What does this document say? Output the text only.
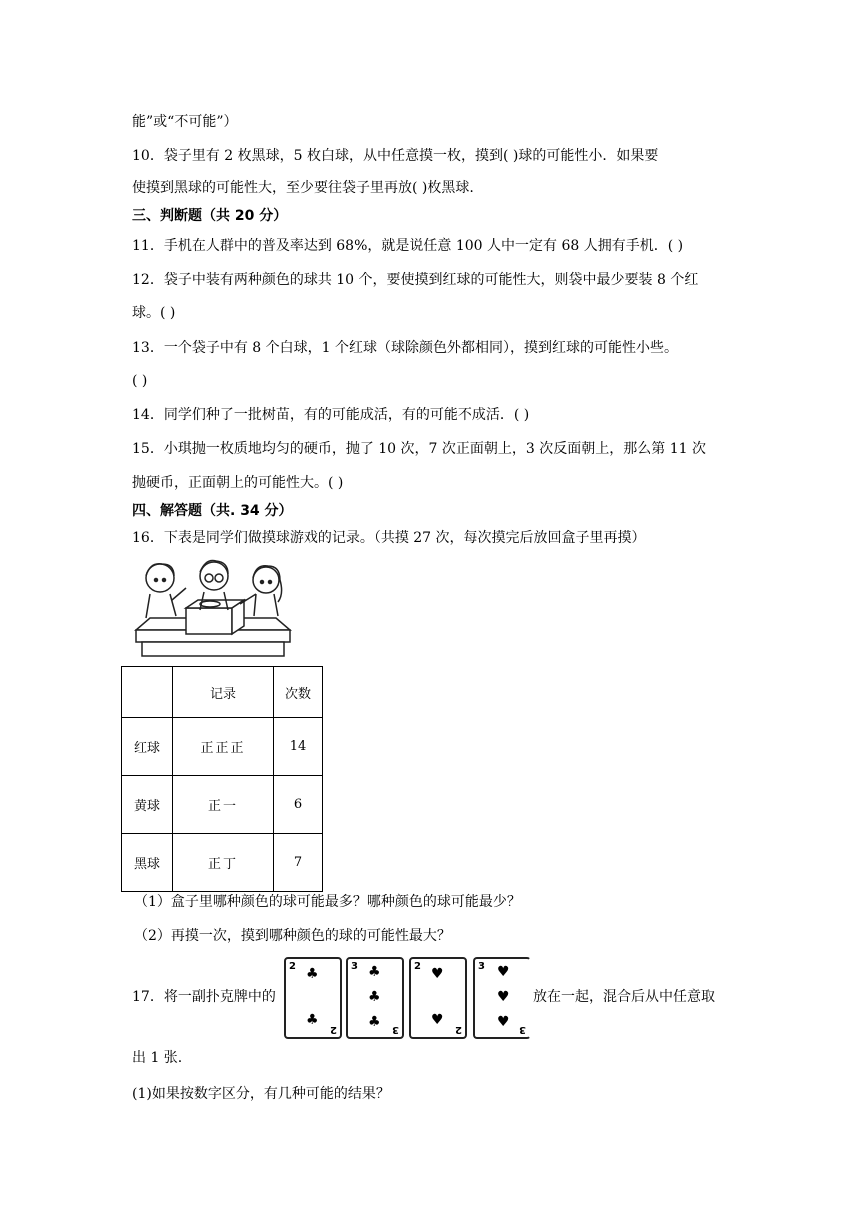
能”或“不可能”）
10．袋子里有 2 枚黑球，5 枚白球，从中任意摸一枚，摸到( )球的可能性小．如果要
使摸到黑球的可能性大，至少要往袋子里再放( )枚黑球.
三、判断题（共 20 分）
11．手机在人群中的普及率达到 68%，就是说任意 100 人中一定有 68 人拥有手机．( )
12．袋子中装有两种颜色的球共 10 个，要使摸到红球的可能性大，则袋中最少要装 8 个红
球。( )
13．一个袋子中有 8 个白球，1 个红球（球除颜色外都相同），摸到红球的可能性小些。
( )
14．同学们种了一批树苗，有的可能成活，有的可能不成活．( )
15．小琪抛一枚质地均匀的硬币，抛了 10 次，7 次正面朝上，3 次反面朝上，那么第 11 次
抛硬币，正面朝上的可能性大。( )
四、解答题（共. 34 分）
16．下表是同学们做摸球游戏的记录。（共摸 27 次，每次摸完后放回盒子里再摸）
	记录	次数
红球	正正正	14
黄球	正一	6
黑球	正丁	7
（1）盒子里哪种颜色的球可能最多？哪种颜色的球可能最少？
（2）再摸一次，摸到哪种颜色的球的可能性最大？
17．将一副扑克牌中的	放在一起，混合后从中任意取
2 ♣
♣
2
3 ♣
♣
♣ 3
2 ♥
♥
2
3 ♥
♥
♥ 3
出 1 张.
(1)如果按数字区分，有几种可能的结果？
